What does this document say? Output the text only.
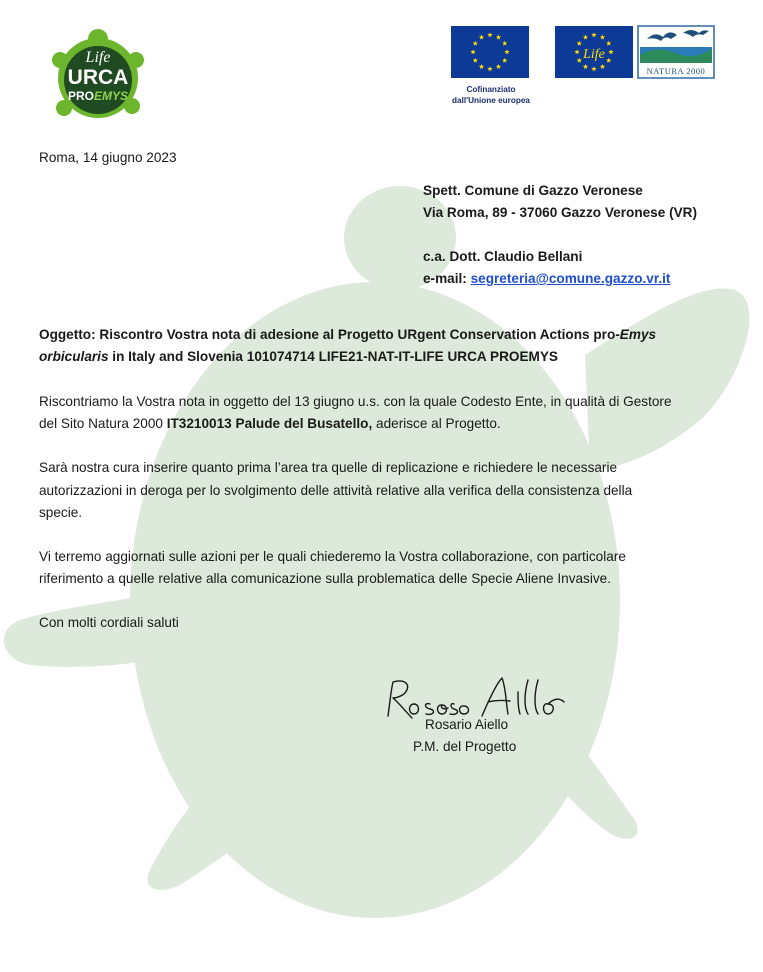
Life
URCA
PROEMYS	Cofinanziato
dall'Unione europea
Life
NATURA 2000

Roma, 14 giugno 2023

Spett. Comune di Gazzo Veronese

Via Roma, 89 - 37060 Gazzo Veronese (VR)

c.a. Dott. Claudio Bellani

e-mail: segreteria@comune.gazzo.vr.it

Oggetto: Riscontro Vostra nota di adesione al Progetto URgent Conservation Actions pro-Emys

orbicularis in Italy and Slovenia 101074714 LIFE21-NAT-IT-LIFE URCA PROEMYS

Riscontriamo la Vostra nota in oggetto del 13 giugno u.s. con la quale Codesto Ente, in qualità di Gestore

del Sito Natura 2000 IT3210013 Palude del Busatello, aderisce al Progetto.

Sarà nostra cura inserire quanto prima l’area tra quelle di replicazione e richiedere le necessarie

autorizzazioni in deroga per lo svolgimento delle attività relative alla verifica della consistenza della

specie.

Vi terremo aggiornati sulle azioni per le quali chiederemo la Vostra collaborazione, con particolare

riferimento a quelle relative alla comunicazione sulla problematica delle Specie Aliene Invasive.

Con molti cordiali saluti

Rosario Aiello

P.M. del Progetto
